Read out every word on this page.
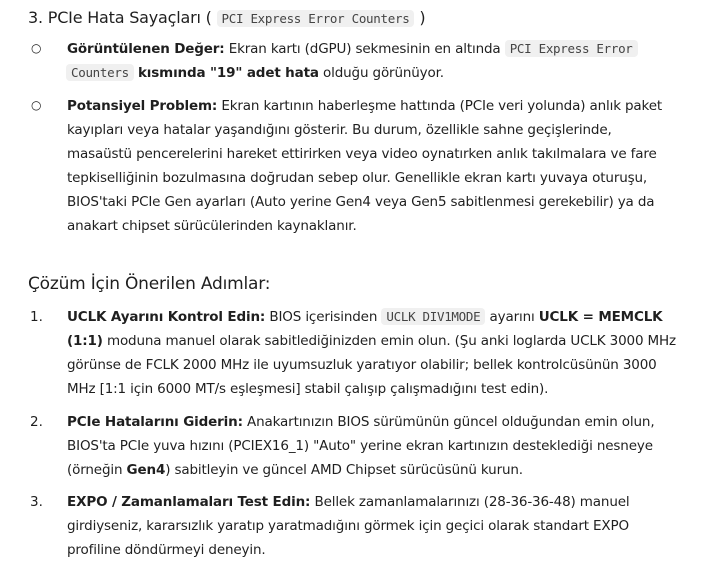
3. PCIe Hata Sayaçları ( PCI Express Error Counters )
○ Görüntülenen Değer: Ekran kartı (dGPU) sekmesinin en altında PCI Express Error

Counters kısmında "19" adet hata olduğu görünüyor.

○ Potansiyel Problem: Ekran kartının haberleşme hattında (PCIe veri yolunda) anlık paket

kayıpları veya hatalar yaşandığını gösterir. Bu durum, özellikle sahne geçişlerinde,

masaüstü pencerelerini hareket ettirirken veya video oynatırken anlık takılmalara ve fare

tepkiselliğinin bozulmasına doğrudan sebep olur. Genellikle ekran kartı yuvaya oturuşu,

BIOS'taki PCIe Gen ayarları (Auto yerine Gen4 veya Gen5 sabitlenmesi gerekebilir) ya da

anakart chipset sürücülerinden kaynaklanır.

Çözüm İçin Önerilen Adımlar:
1. UCLK Ayarını Kontrol Edin: BIOS içerisinden UCLK DIV1MODE ayarını UCLK = MEMCLK

(1:1) moduna manuel olarak sabitlediğinizden emin olun. (Şu anki loglarda UCLK 3000 MHz

görünse de FCLK 2000 MHz ile uyumsuzluk yaratıyor olabilir; bellek kontrolcüsünün 3000

MHz [1:1 için 6000 MT/s eşleşmesi] stabil çalışıp çalışmadığını test edin).

2. PCIe Hatalarını Giderin: Anakartınızın BIOS sürümünün güncel olduğundan emin olun,

BIOS'ta PCIe yuva hızını (PCIEX16_1) "Auto" yerine ekran kartınızın desteklediği nesneye

(örneğin Gen4) sabitleyin ve güncel AMD Chipset sürücüsünü kurun.

3. EXPO / Zamanlamaları Test Edin: Bellek zamanlamalarınızı (28-36-36-48) manuel

girdiyseniz, kararsızlık yaratıp yaratmadığını görmek için geçici olarak standart EXPO

profiline döndürmeyi deneyin.
